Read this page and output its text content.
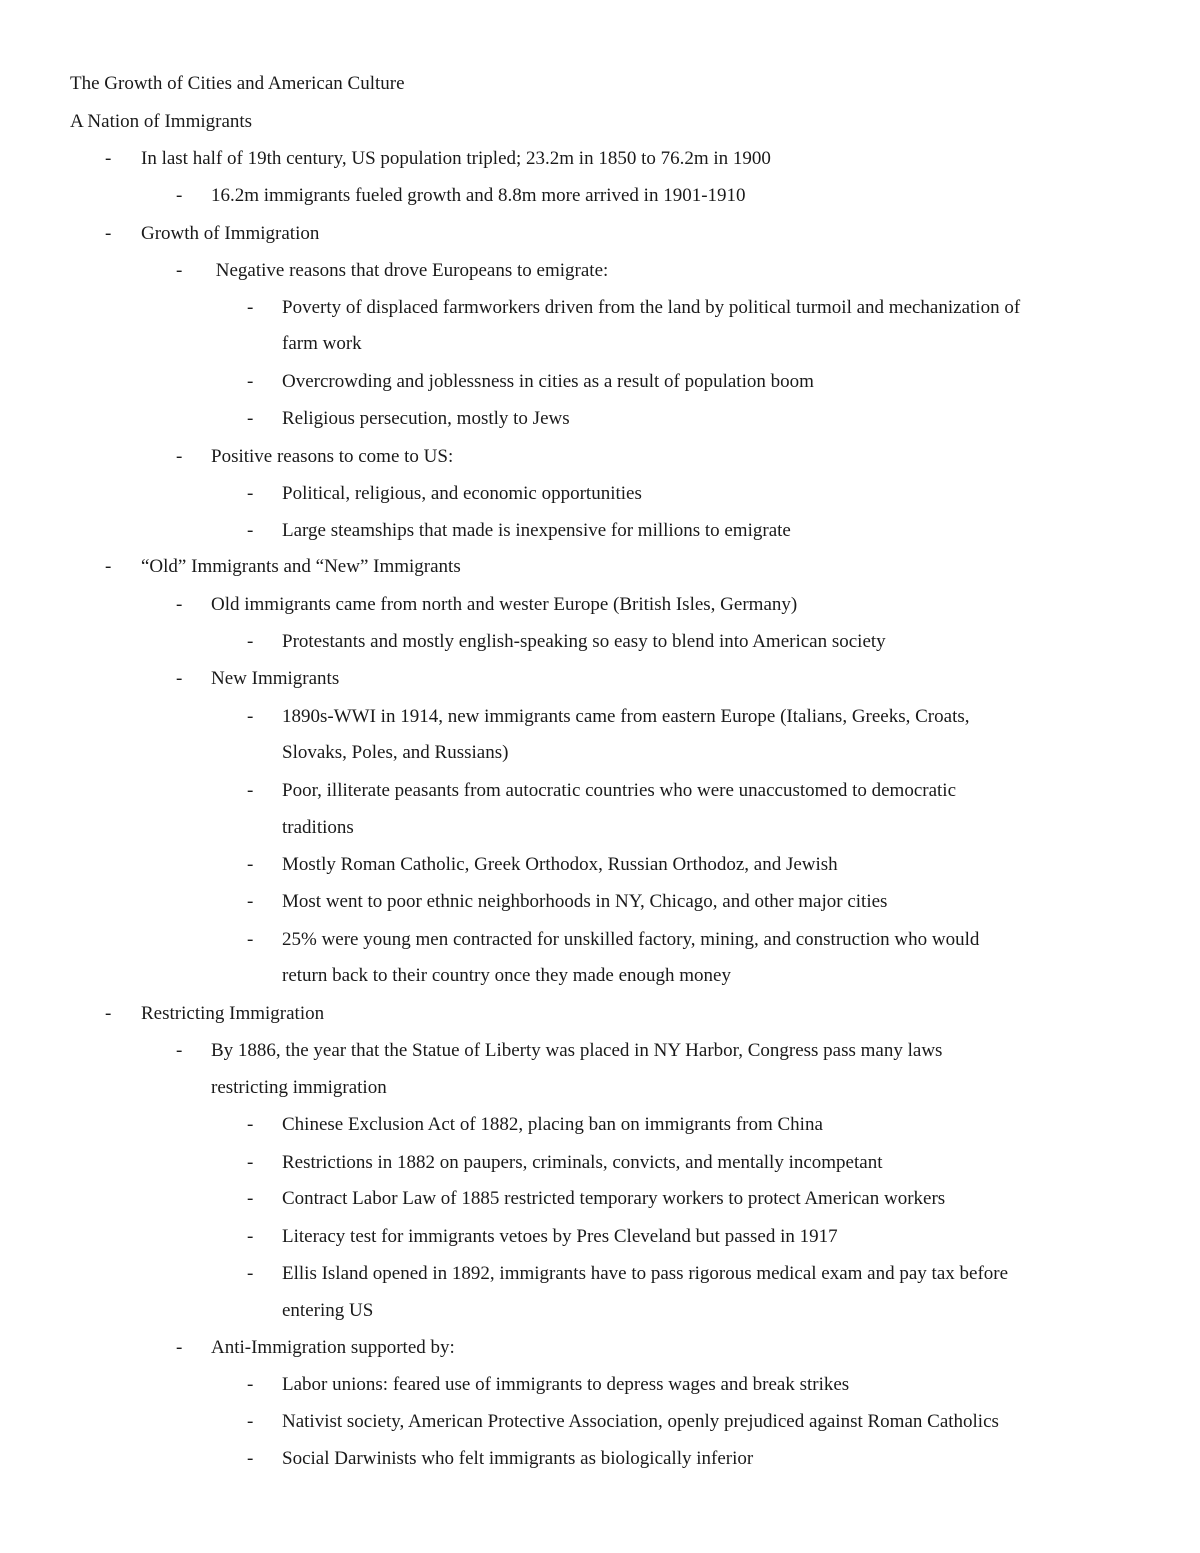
The Growth of Cities and American Culture
A Nation of Immigrants
- In last half of 19th century, US population tripled; 23.2m in 1850 to 76.2m in 1900
- 16.2m immigrants fueled growth and 8.8m more arrived in 1901-1910
- Growth of Immigration
- Negative reasons that drove Europeans to emigrate:
- Poverty of displaced farmworkers driven from the land by political turmoil and mechanization of
farm work
- Overcrowding and joblessness in cities as a result of population boom
- Religious persecution, mostly to Jews
- Positive reasons to come to US:
- Political, religious, and economic opportunities
- Large steamships that made is inexpensive for millions to emigrate
- “Old” Immigrants and “New” Immigrants
- Old immigrants came from north and wester Europe (British Isles, Germany)
- Protestants and mostly english-speaking so easy to blend into American society
- New Immigrants
- 1890s-WWI in 1914, new immigrants came from eastern Europe (Italians, Greeks, Croats,
Slovaks, Poles, and Russians)
- Poor, illiterate peasants from autocratic countries who were unaccustomed to democratic
traditions
- Mostly Roman Catholic, Greek Orthodox, Russian Orthodoz, and Jewish
- Most went to poor ethnic neighborhoods in NY, Chicago, and other major cities
- 25% were young men contracted for unskilled factory, mining, and construction who would
return back to their country once they made enough money
- Restricting Immigration
- By 1886, the year that the Statue of Liberty was placed in NY Harbor, Congress pass many laws
restricting immigration
- Chinese Exclusion Act of 1882, placing ban on immigrants from China
- Restrictions in 1882 on paupers, criminals, convicts, and mentally incompetant
- Contract Labor Law of 1885 restricted temporary workers to protect American workers
- Literacy test for immigrants vetoes by Pres Cleveland but passed in 1917
- Ellis Island opened in 1892, immigrants have to pass rigorous medical exam and pay tax before
entering US
- Anti-Immigration supported by:
- Labor unions: feared use of immigrants to depress wages and break strikes
- Nativist society, American Protective Association, openly prejudiced against Roman Catholics
- Social Darwinists who felt immigrants as biologically inferior
